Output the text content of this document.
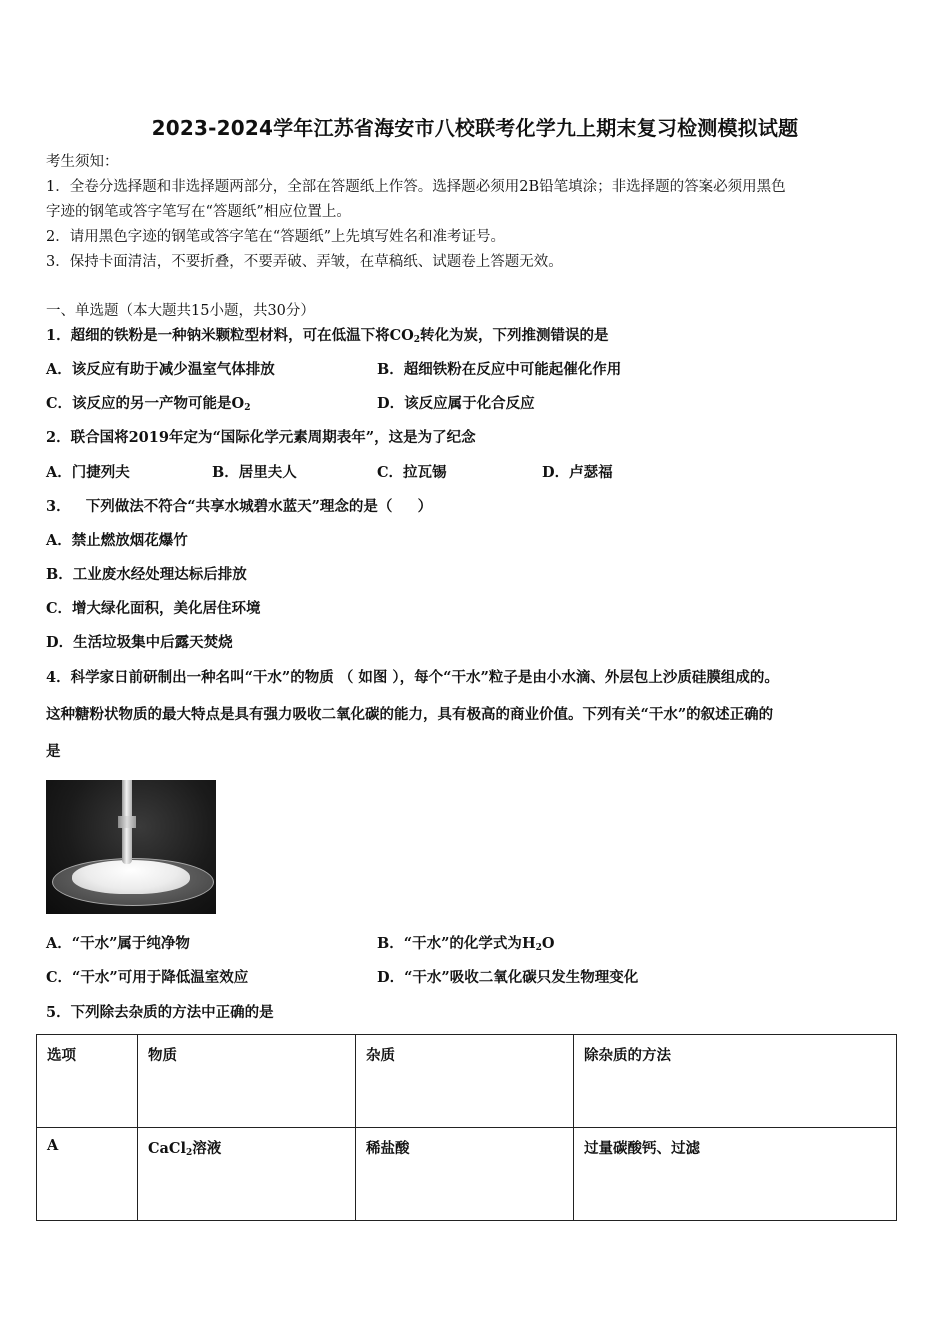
2023-2024学年江苏省海安市八校联考化学九上期末复习检测模拟试题
考生须知：
1．全卷分选择题和非选择题两部分，全部在答题纸上作答。选择题必须用2B铅笔填涂；非选择题的答案必须用黑色
字迹的钢笔或答字笔写在“答题纸”相应位置上。
2．请用黑色字迹的钢笔或答字笔在“答题纸”上先填写姓名和准考证号。
3．保持卡面清洁，不要折叠，不要弄破、弄皱，在草稿纸、试题卷上答题无效。
一、单选题（本大题共15小题，共30分）
1．超细的铁粉是一种钠米颗粒型材料，可在低温下将$CO_2$转化为炭，下列推测错误的是
A．该反应有助于减少温室气体排放	B．超细铁粉在反应中可能起催化作用
C．该反应的另一产物可能是$O_2$	D．该反应属于化合反应
2．联合国将2019年定为“国际化学元素周期表年”，这是为了纪念
A．门捷列夫	B．居里夫人	C．拉瓦锡	D．卢瑟福
3．   下列做法不符合“共享水城碧水蓝天”理念的是（     ）
A．禁止燃放烟花爆竹
B．工业废水经处理达标后排放
C．增大绿化面积，美化居住环境
D．生活垃圾集中后露天焚烧
4．科学家日前研制出一种名叫“干水”的物质 （ 如图 ），每个“干水”粒子是由小水滴、外层包上沙质硅膜组成的。
这种糖粉状物质的最大特点是具有强力吸收二氧化碳的能力，具有极高的商业价值。下列有关“干水”的叙述正确的
是
A．“干水”属于纯净物	B．“干水”的化学式为$H_2O$
C．“干水”可用于降低温室效应	D．“干水”吸收二氧化碳只发生物理变化
5．下列除去杂质的方法中正确的是
选项	物质	杂质	除杂质的方法
A	CaCl$_2$溶液	稀盐酸	过量碳酸钙、过滤
